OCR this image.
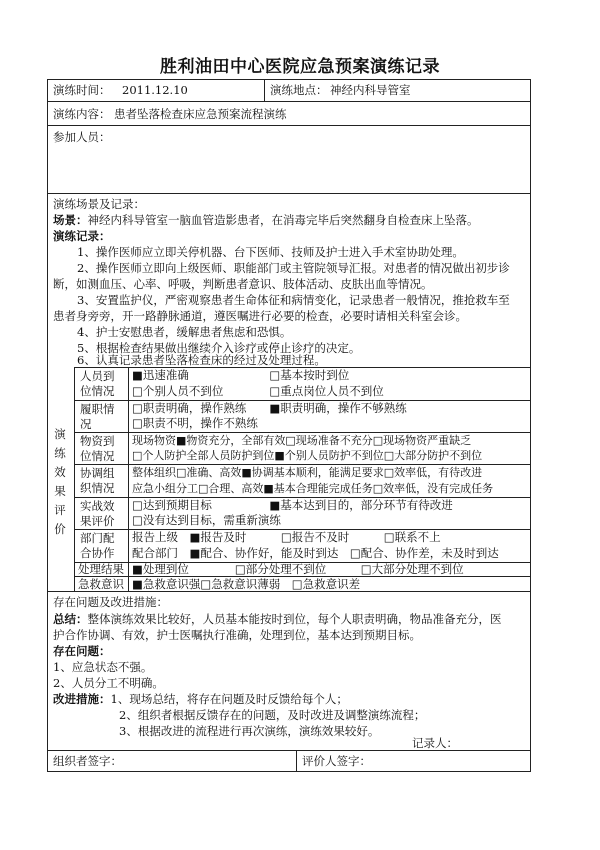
胜利油田中心医院应急预案演练记录
演练时间： 2011.12.10	演练地点： 神经内科导管室
演练内容： 患者坠落检查床应急预案流程演练
参加人员：
演练场景及记录：
场景：神经内科导管室一脑血管造影患者，在消毒完毕后突然翻身自检查床上坠落。
演练记录：
1、操作医师应立即关停机器、台下医师、技师及护士进入手术室协助处理。
2、操作医师立即向上级医师、职能部门或主管院领导汇报。对患者的情况做出初步诊
断，如测血压、心率、呼吸，判断患者意识、肢体活动、皮肤出血等情况。
3、安置监护仪，严密观察患者生命体征和病情变化，记录患者一般情况，推抢救车至
患者身旁旁，开一路静脉通道，遵医嘱进行必要的检查，必要时请相关科室会诊。
4、护士安慰患者，缓解患者焦虑和恐惧。
5、根据检查结果做出继续介入诊疗或停止诊疗的决定。
6、认真记录患者坠落检查床的经过及处理过程。
演练效果评价
人员到位情况
■迅速准确　　　　　　　□基本按时到位
□个别人员不到位　　　　□重点岗位人员不到位
履职情况
□职责明确，操作熟练　　■职责明确，操作不够熟练
□职责不明，操作不熟练
物资到位情况
现场物资■物资充分，全部有效□现场准备不充分□现场物资严重缺乏
□个人防护全部人员防护到位■个别人员防护不到位□大部分防护不到位
协调组织情况
整体组织□准确、高效■协调基本顺利，能满足要求□效率低，有待改进
应急小组分工□合理、高效■基本合理能完成任务□效率低，没有完成任务
实战效果评价
□达到预期目标　　　　　■基本达到目的，部分环节有待改进
□没有达到目标，需重新演练
部门配合协作
报告上级　■报告及时　　　□报告不及时　　　□联系不上
配合部门　■配合、协作好，能及时到达　□配合、协作差，未及时到达
处理结果 ■处理到位　　　　□部分处理不到位　　　□大部分处理不到位
急救意识 ■急救意识强□急救意识薄弱　□急救意识差
存在问题及改进措施：
总结：整体演练效果比较好，人员基本能按时到位，每个人职责明确，物品准备充分，医
护合作协调、有效，护士医嘱执行准确，处理到位，基本达到预期目标。
存在问题：
1、应急状态不强。
2、人员分工不明确。
改进措施：1、现场总结，将存在问题及时反馈给每个人；
2、组织者根据反馈存在的问题，及时改进及调整演练流程；
3、根据改进的流程进行再次演练，演练效果较好。
记录人：
组织者签字：	评价人签字：
